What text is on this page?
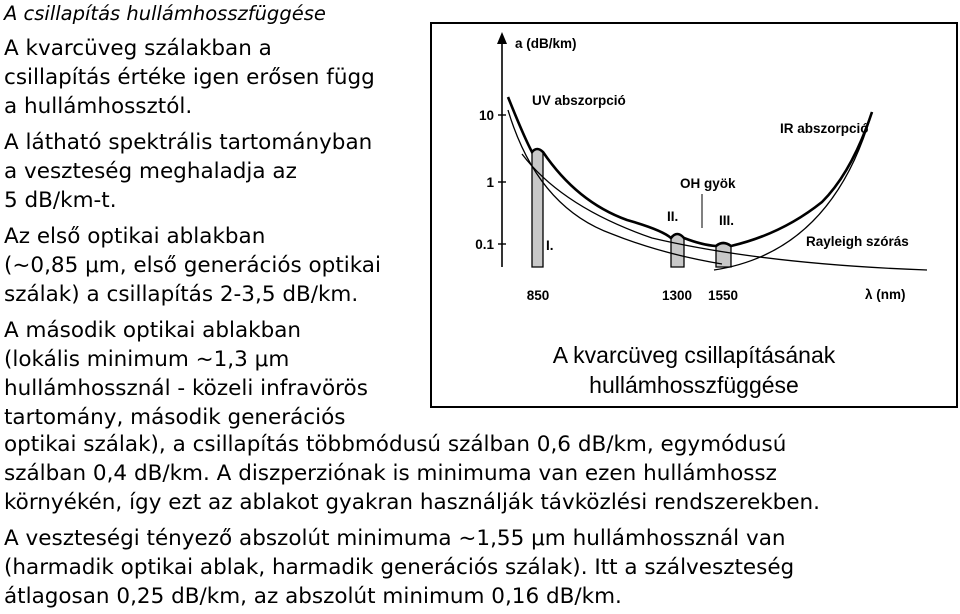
A csillapítás hullámhosszfüggése
A kvarcüveg szálakban a
csillapítás értéke igen erősen függ
a hullámhossztól.
A látható spektrális tartományban
a veszteség meghaladja az
5 dB/km-t.
Az első optikai ablakban
(~0,85 μm, első generációs optikai
szálak) a csillapítás 2-3,5 dB/km.
A második optikai ablakban
(lokális minimum ~1,3 μm
hullámhossznál - közeli infravörös
tartomány, második generációs
optikai szálak), a csillapítás többmódusú szálban 0,6 dB/km, egymódusú
szálban 0,4 dB/km. A diszperziónak is minimuma van ezen hullámhossz
környékén, így ezt az ablakot gyakran használják távközlési rendszerekben.
A veszteségi tényező abszolút minimuma ~1,55 μm hullámhossznál van
(harmadik optikai ablak, harmadik generációs szálak). Itt a szálveszteség
átlagosan 0,25 dB/km, az abszolút minimum 0,16 dB/km.
10
1
0.1
a (dB/km)
UV abszorpció
IR abszorpció
OH gyök
Rayleigh szórás
I.
II.	III.
850	1300 1550	λ (nm)
A kvarcüveg csillapításának
hullámhosszfüggése
